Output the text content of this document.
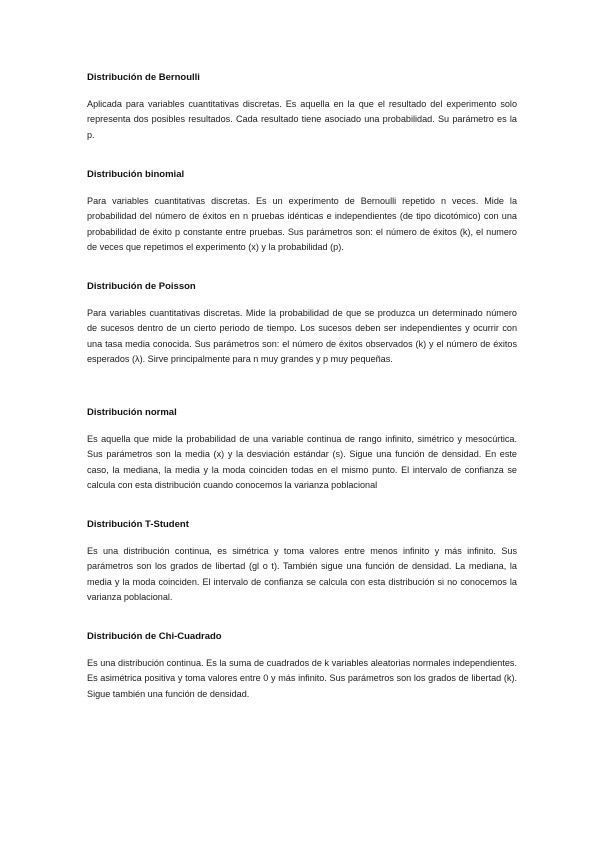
Distribución de Bernoulli

Aplicada para variables cuantitativas discretas. Es aquella en la que el resultado del experimento solo representa dos posibles resultados. Cada resultado tiene asociado una probabilidad. Su parámetro es la p.

Distribución binomial

Para variables cuantitativas discretas. Es un experimento de Bernoulli repetido n veces. Mide la probabilidad del número de éxitos en n pruebas idénticas e independientes (de tipo dicotómico) con una probabilidad de éxito p constante entre pruebas. Sus parámetros son: el número de éxitos (k), el numero de veces que repetimos el experimento (x) y la probabilidad (p).

Distribución de Poisson

Para variables cuantitativas discretas. Mide la probabilidad de que se produzca un determinado número de sucesos dentro de un cierto periodo de tiempo. Los sucesos deben ser independientes y ocurrir con una tasa media conocida. Sus parámetros son: el número de éxitos observados (k) y el número de éxitos esperados (λ). Sirve principalmente para n muy grandes y p muy pequeñas.

Distribución normal

Es aquella que mide la probabilidad de una variable continua de rango infinito, simétrico y mesocúrtica. Sus parámetros son la media (x) y la desviación estándar (s). Sigue una función de densidad. En este caso, la mediana, la media y la moda coinciden todas en el mismo punto. El intervalo de confianza se calcula con esta distribución cuando conocemos la varianza poblacional

Distribución T-Student

Es una distribución continua, es simétrica y toma valores entre menos infinito y más infinito. Sus parámetros son los grados de libertad (gl o t). También sigue una función de densidad. La mediana, la media y la moda coinciden. El intervalo de confianza se calcula con esta distribución si no conocemos la varianza poblacional.

Distribución de Chi-Cuadrado

Es una distribución continua. Es la suma de cuadrados de k variables aleatorias normales independientes. Es asimétrica positiva y toma valores entre 0 y más infinito. Sus parámetros son los grados de libertad (k). Sigue también una función de densidad.
